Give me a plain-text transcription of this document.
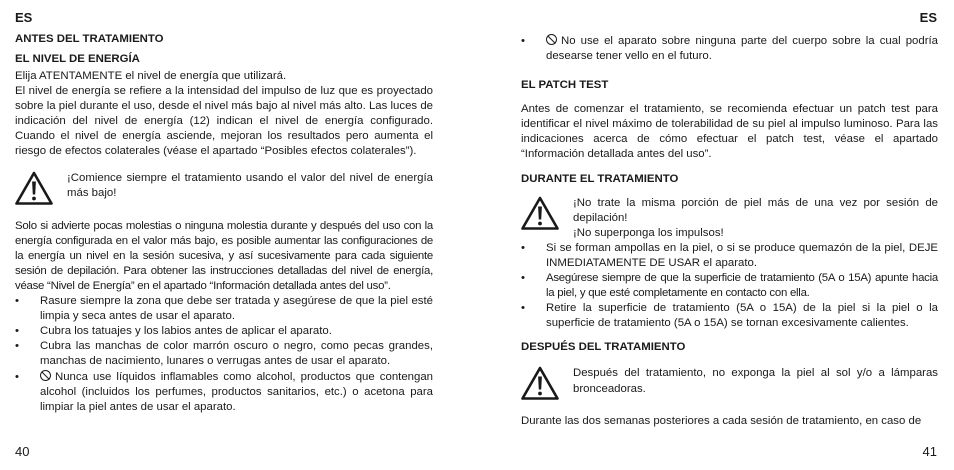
ES
ANTES DEL TRATAMIENTO
EL NIVEL DE ENERGÍA

Elija ATENTAMENTE el nivel de energía que utilizará.

El nivel de energía se refiere a la intensidad del impulso de luz que es proyectado sobre la piel durante el uso, desde el nivel más bajo al nivel más alto. Las luces de indicación del nivel de energía (12) indican el nivel de energía configurado. Cuando el nivel de energía asciende, mejoran los resultados pero aumenta el riesgo de efectos colaterales (véase el apartado “Posibles efectos colaterales”).

¡Comience siempre el tratamiento usando el valor del nivel de energía más bajo!

Solo si advierte pocas molestias o ninguna molestia durante y después del uso con la energía configurada en el valor más bajo, es posible aumentar las configuraciones de la energía un nivel en la sesión sucesiva, y así sucesivamente para cada siguiente sesión de depilación. Para obtener las instrucciones detalladas del nivel de energía, véase “Nivel de Energía” en el apartado “Información detallada antes del uso”.

• Rasure siempre la zona que debe ser tratada y asegúrese de que la piel esté limpia y seca antes de usar el aparato.
• Cubra los tatuajes y los labios antes de aplicar el aparato.
• Cubra las manchas de color marrón oscuro o negro, como pecas grandes, manchas de nacimiento, lunares o verrugas antes de usar el aparato.
•	Nunca use líquidos inflamables como alcohol, productos que contengan alcohol (incluidos los perfumes, productos sanitarios, etc.) o acetona para limpiar la piel antes de usar el aparato.
40
ES
•	No use el aparato sobre ninguna parte del cuerpo sobre la cual podría desearse tener vello en el futuro.
EL PATCH TEST

Antes de comenzar el tratamiento, se recomienda efectuar un patch test para identificar el nivel máximo de tolerabilidad de su piel al impulso luminoso. Para las indicaciones acerca de cómo efectuar el patch test, véase el apartado “Información detallada antes del uso”.

DURANTE EL TRATAMIENTO
¡No trate la misma porción de piel más de una vez por sesión de depilación!
¡No superponga los impulsos!
• Si se forman ampollas en la piel, o si se produce quemazón de la piel, DEJE INMEDIATAMENTE DE USAR el aparato.
• Asegúrese siempre de que la superficie de tratamiento (5A o 15A) apunte hacia la piel, y que esté completamente en contacto con ella.
• Retire la superficie de tratamiento (5A o 15A) de la piel si la piel o la superficie de tratamiento (5A o 15A) se tornan excesivamente calientes.
DESPUÉS DEL TRATAMIENTO
Después del tratamiento, no exponga la piel al sol y/o a lámparas bronceadoras.

Durante las dos semanas posteriores a cada sesión de tratamiento, en caso de

41
